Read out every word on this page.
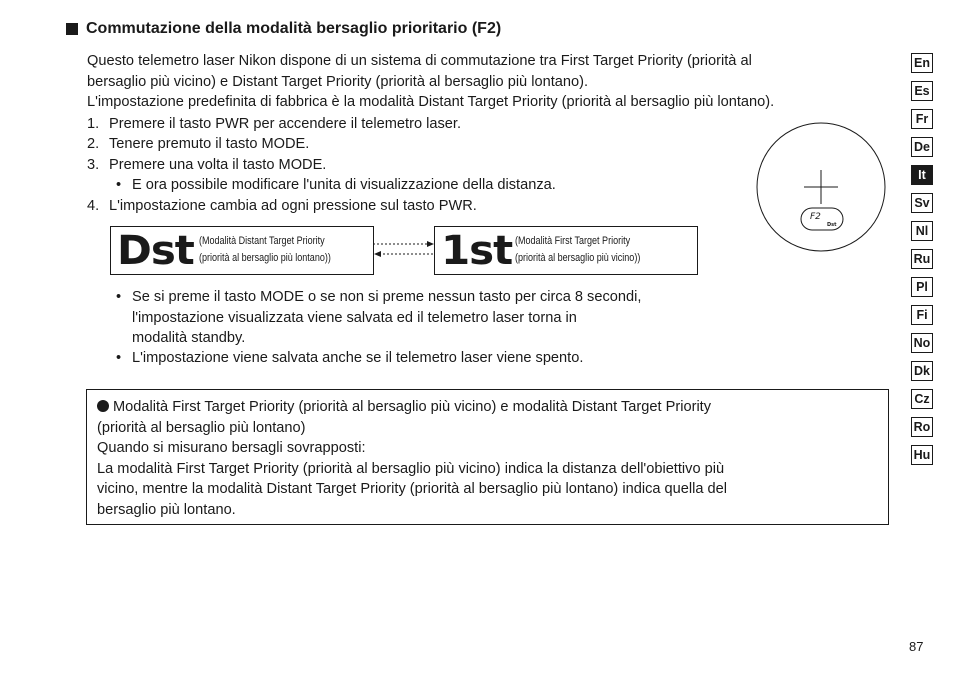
Commutazione della modalità bersaglio prioritario (F2)

Questo telemetro laser Nikon dispone di un sistema di commutazione tra First Target Priority (priorità al

bersaglio più vicino) e Distant Target Priority (priorità al bersaglio più lontano).

L'impostazione predefinita di fabbrica è la modalità Distant Target Priority (priorità al bersaglio più lontano).

1. Premere il tasto PWR per accendere il telemetro laser.
2. Tenere premuto il tasto MODE.
3. Premere una volta il tasto MODE.
• E ora possibile modificare l'unita di visualizzazione della distanza.
4. L'impostazione cambia ad ogni pressione sul tasto PWR.
Dst (Modalità Distant Target Priority
(priorità al bersaglio più lontano))	1st (Modalità First Target Priority
(priorità al bersaglio più vicino))
F2
Dst
• Se si preme il tasto MODE o se non si preme nessun tasto per circa 8 secondi,
l'impostazione visualizzata viene salvata ed il telemetro laser torna in
modalità standby.
• L'impostazione viene salvata anche se il telemetro laser viene spento.
Modalità First Target Priority (priorità al bersaglio più vicino) e modalità Distant Target Priority
(priorità al bersaglio più lontano)
Quando si misurano bersagli sovrapposti:
La modalità First Target Priority (priorità al bersaglio più vicino) indica la distanza dell'obiettivo più
vicino, mentre la modalità Distant Target Priority (priorità al bersaglio più lontano) indica quella del
bersaglio più lontano.
En
Es
Fr
De
It
Sv
Nl
Ru
Pl
Fi
No
Dk
Cz
Ro
Hu
87
